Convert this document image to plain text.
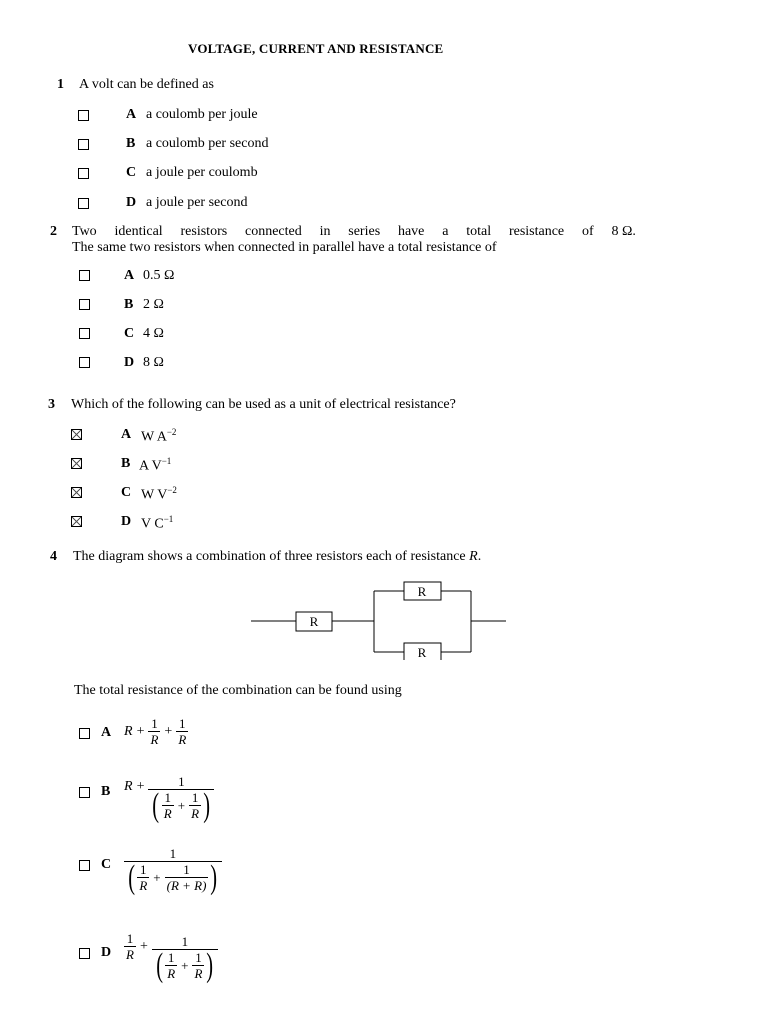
VOLTAGE, CURRENT AND RESISTANCE
1 A volt can be defined as
A a coulomb per joule
B a coulomb per second
C a joule per coulomb
D a joule per second
2 Two identical resistors connected in series have a total resistance of 8 Ω.
The same two resistors when connected in parallel have a total resistance of
A 0.5 Ω
B 2 Ω
C 4 Ω
D 8 Ω
3 Which of the following can be used as a unit of electrical resistance?
A W $A^{-2}$
B A $V^{-1}$
C W $V^{-2}$
D V $C^{-1}$
4 The diagram shows a combination of three resistors each of resistance R.
R
R
R
The total resistance of the combination can be found using
A $R + \frac{1}{R} + \frac{1}{R}$
B $R + \frac{1}{( \frac{1}{R} + \frac{1}{R} )}$
C $\frac{1}{( \frac{1}{R} + \frac{1}{(R + R)} )}$
D $\frac{1}{R} + \frac{1}{( \frac{1}{R} + \frac{1}{R} )}$
